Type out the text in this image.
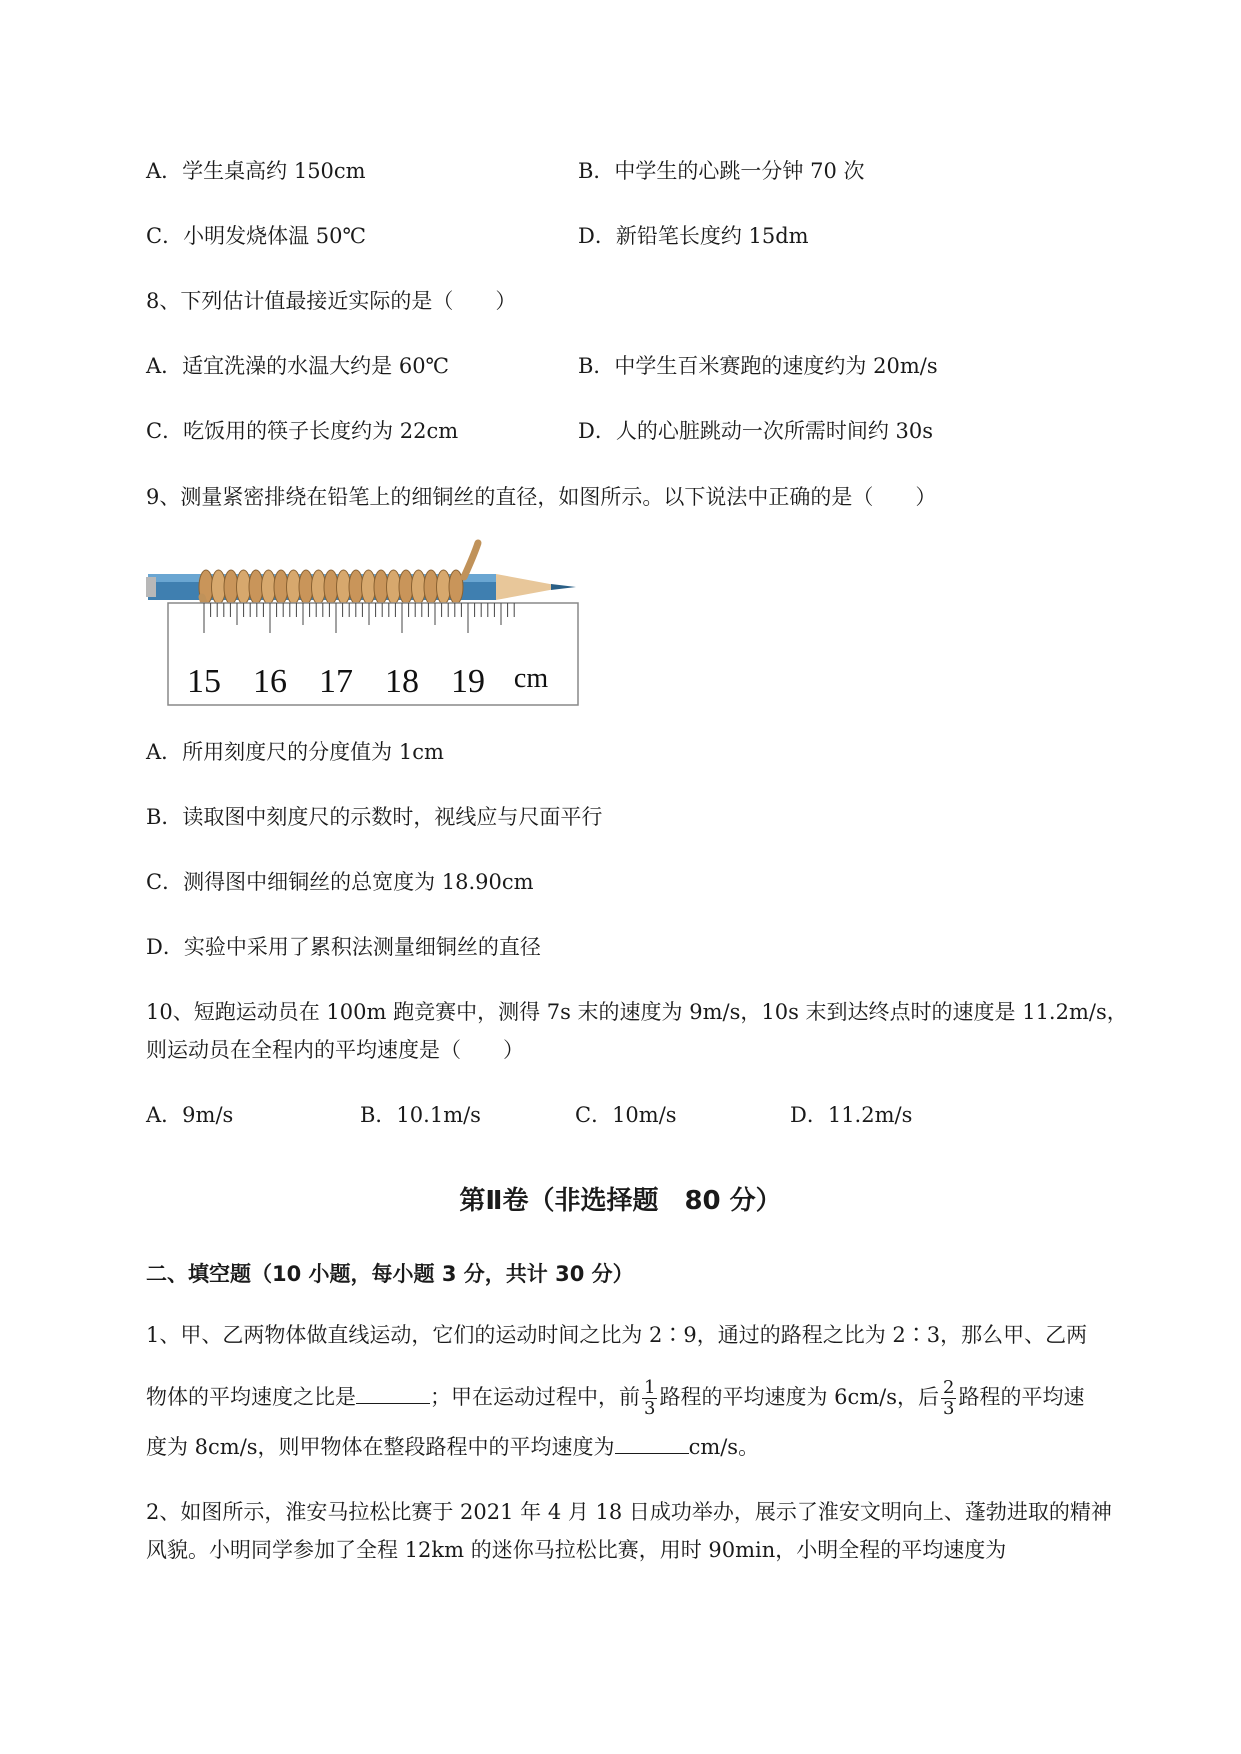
A．学生桌高约 150cm	B．中学生的心跳一分钟 70 次
C．小明发烧体温 50℃	D．新铅笔长度约 15dm
8、下列估计值最接近实际的是（　　）
A．适宜洗澡的水温大约是 60℃	B．中学生百米赛跑的速度约为 20m/s
C．吃饭用的筷子长度约为 22cm	D．人的心脏跳动一次所需时间约 30s
9、测量紧密排绕在铅笔上的细铜丝的直径，如图所示。以下说法中正确的是（　　）
15 16 17 18 19 cm
A．所用刻度尺的分度值为 1cm
B．读取图中刻度尺的示数时，视线应与尺面平行
C．测得图中细铜丝的总宽度为 18.90cm
D．实验中采用了累积法测量细铜丝的直径
10、短跑运动员在 100m 跑竞赛中，测得 7s 末的速度为 9m/s，10s 末到达终点时的速度是 11.2m/s，
则运动员在全程内的平均速度是（　　）
A．9m/s	B．10.1m/s	C．10m/s	D．11.2m/s
第Ⅱ卷（非选择题　80 分）
二、填空题（10 小题，每小题 3 分，共计 30 分）
1、甲、乙两物体做直线运动，它们的运动时间之比为 2∶9，通过的路程之比为 2∶3，那么甲、乙两
物体的平均速度之比是	；甲在运动过程中，前 $\frac{1}{3}$ 路程的平均速度为 6cm/s，后 $\frac{2}{3}$ 路程的平均速
度为 8cm/s，则甲物体在整段路程中的平均速度为	cm/s。
2、如图所示，淮安马拉松比赛于 2021 年 4 月 18 日成功举办，展示了淮安文明向上、蓬勃进取的精神
风貌。小明同学参加了全程 12km 的迷你马拉松比赛，用时 90min，小明全程的平均速度为
